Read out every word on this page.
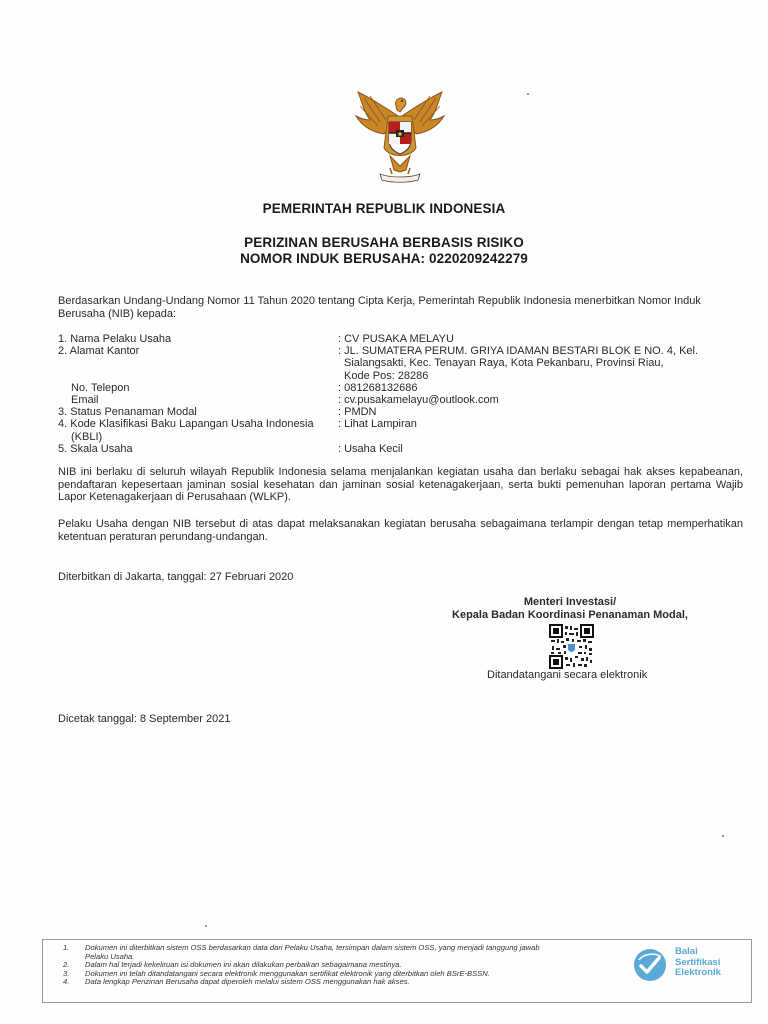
PEMERINTAH REPUBLIK INDONESIA
PERIZINAN BERUSAHA BERBASIS RISIKO
NOMOR INDUK BERUSAHA: 0220209242279
Berdasarkan Undang-Undang Nomor 11 Tahun 2020 tentang Cipta Kerja, Pemerintah Republik Indonesia menerbitkan Nomor Induk Berusaha (NIB) kepada:
1. Nama Pelaku Usaha	: CV PUSAKA MELAYU
2. Alamat Kantor	: JL. SUMATERA PERUM. GRIYA IDAMAN BESTARI BLOK E NO. 4, Kel.
Sialangsakti, Kec. Tenayan Raya, Kota Pekanbaru, Provinsi Riau,
Kode Pos: 28286
No. Telepon	: 081268132686
Email	: cv.pusakamelayu@outlook.com
3. Status Penanaman Modal	: PMDN
4. Kode Klasifikasi Baku Lapangan Usaha Indonesia	: Lihat Lampiran
(KBLI)
5. Skala Usaha	: Usaha Kecil
NIB ini berlaku di seluruh wilayah Republik Indonesia selama menjalankan kegiatan usaha dan berlaku sebagai hak akses kepabeanan, pendaftaran kepesertaan jaminan sosial kesehatan dan jaminan sosial ketenagakerjaan, serta bukti pemenuhan laporan pertama Wajib Lapor Ketenagakerjaan di Perusahaan (WLKP).
Pelaku Usaha dengan NIB tersebut di atas dapat melaksanakan kegiatan berusaha sebagaimana terlampir dengan tetap memperhatikan ketentuan peraturan perundang-undangan.
Diterbitkan di Jakarta, tanggal: 27 Februari 2020
Menteri Investasi/
Kepala Badan Koordinasi Penanaman Modal,
Ditandatangani secara elektronik
Dicetak tanggal: 8 September 2021
1.	Dokumen ini diterbitkan sistem OSS berdasarkan data dari Pelaku Usaha, tersimpan dalam sistem OSS, yang menjadi tanggung jawab
Pelaku Usaha.
2.	Dalam hal terjadi kekeliruan isi dokumen ini akan dilakukan perbaikan sebagaimana mestinya.
3.	Dokumen ini telah ditandatangani secara elektronik menggunakan sertifikat elektronik yang diterbitkan oleh BSrE-BSSN.
4.	Data lengkap Perizinan Berusaha dapat diperoleh melalui sistem OSS menggunakan hak akses.
Balai
Sertifikasi
Elektronik
